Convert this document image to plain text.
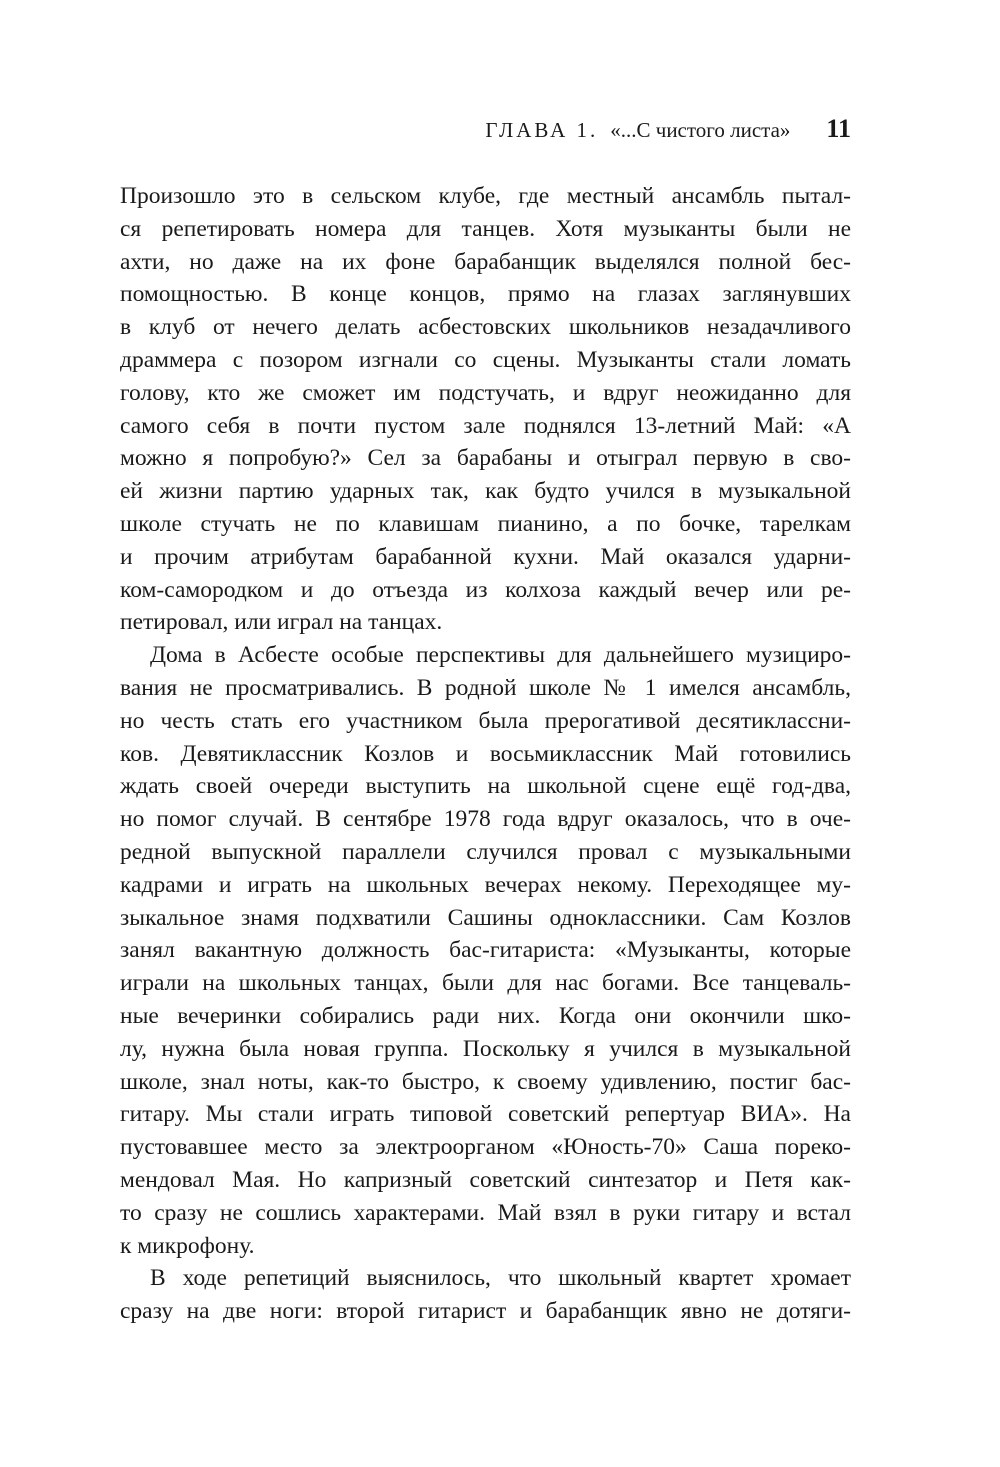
ГЛАВА 1. «...С чистого листа» 11
Произошло это в сельском клубе, где местный ансамбль пытал-
ся репетировать номера для танцев. Хотя музыканты были не
ахти, но даже на их фоне барабанщик выделялся полной бес-
помощностью. В конце концов, прямо на глазах заглянувших
в клуб от нечего делать асбестовских школьников незадачливого
драммера с позором изгнали со сцены. Музыканты стали ломать
голову, кто же сможет им подстучать, и вдруг неожиданно для
самого себя в почти пустом зале поднялся 13-летний Май: «А
можно я попробую?» Сел за барабаны и отыграл первую в сво-
ей жизни партию ударных так, как будто учился в музыкальной
школе стучать не по клавишам пианино, а по бочке, тарелкам
и прочим атрибутам барабанной кухни. Май оказался ударни-
ком-самородком и до отъезда из колхоза каждый вечер или ре-
петировал, или играл на танцах.
Дома в Асбесте особые перспективы для дальнейшего музициро-
вания не просматривались. В родной школе № 1 имелся ансамбль,
но честь стать его участником была прерогативой десятиклассни-
ков. Девятиклассник Козлов и восьмиклассник Май готовились
ждать своей очереди выступить на школьной сцене ещё год-два,
но помог случай. В сентябре 1978 года вдруг оказалось, что в оче-
редной выпускной параллели случился провал с музыкальными
кадрами и играть на школьных вечерах некому. Переходящее му-
зыкальное знамя подхватили Сашины одноклассники. Сам Козлов
занял вакантную должность бас-гитариста: «Музыканты, которые
играли на школьных танцах, были для нас богами. Все танцеваль-
ные вечеринки собирались ради них. Когда они окончили шко-
лу, нужна была новая группа. Поскольку я учился в музыкальной
школе, знал ноты, как-то быстро, к своему удивлению, постиг бас-
гитару. Мы стали играть типовой советский репертуар ВИА». На
пустовавшее место за электроорганом «Юность-70» Саша пореко-
мендовал Мая. Но капризный советский синтезатор и Петя как-
то сразу не сошлись характерами. Май взял в руки гитару и встал
к микрофону.
В ходе репетиций выяснилось, что школьный квартет хромает
сразу на две ноги: второй гитарист и барабанщик явно не дотяги-
